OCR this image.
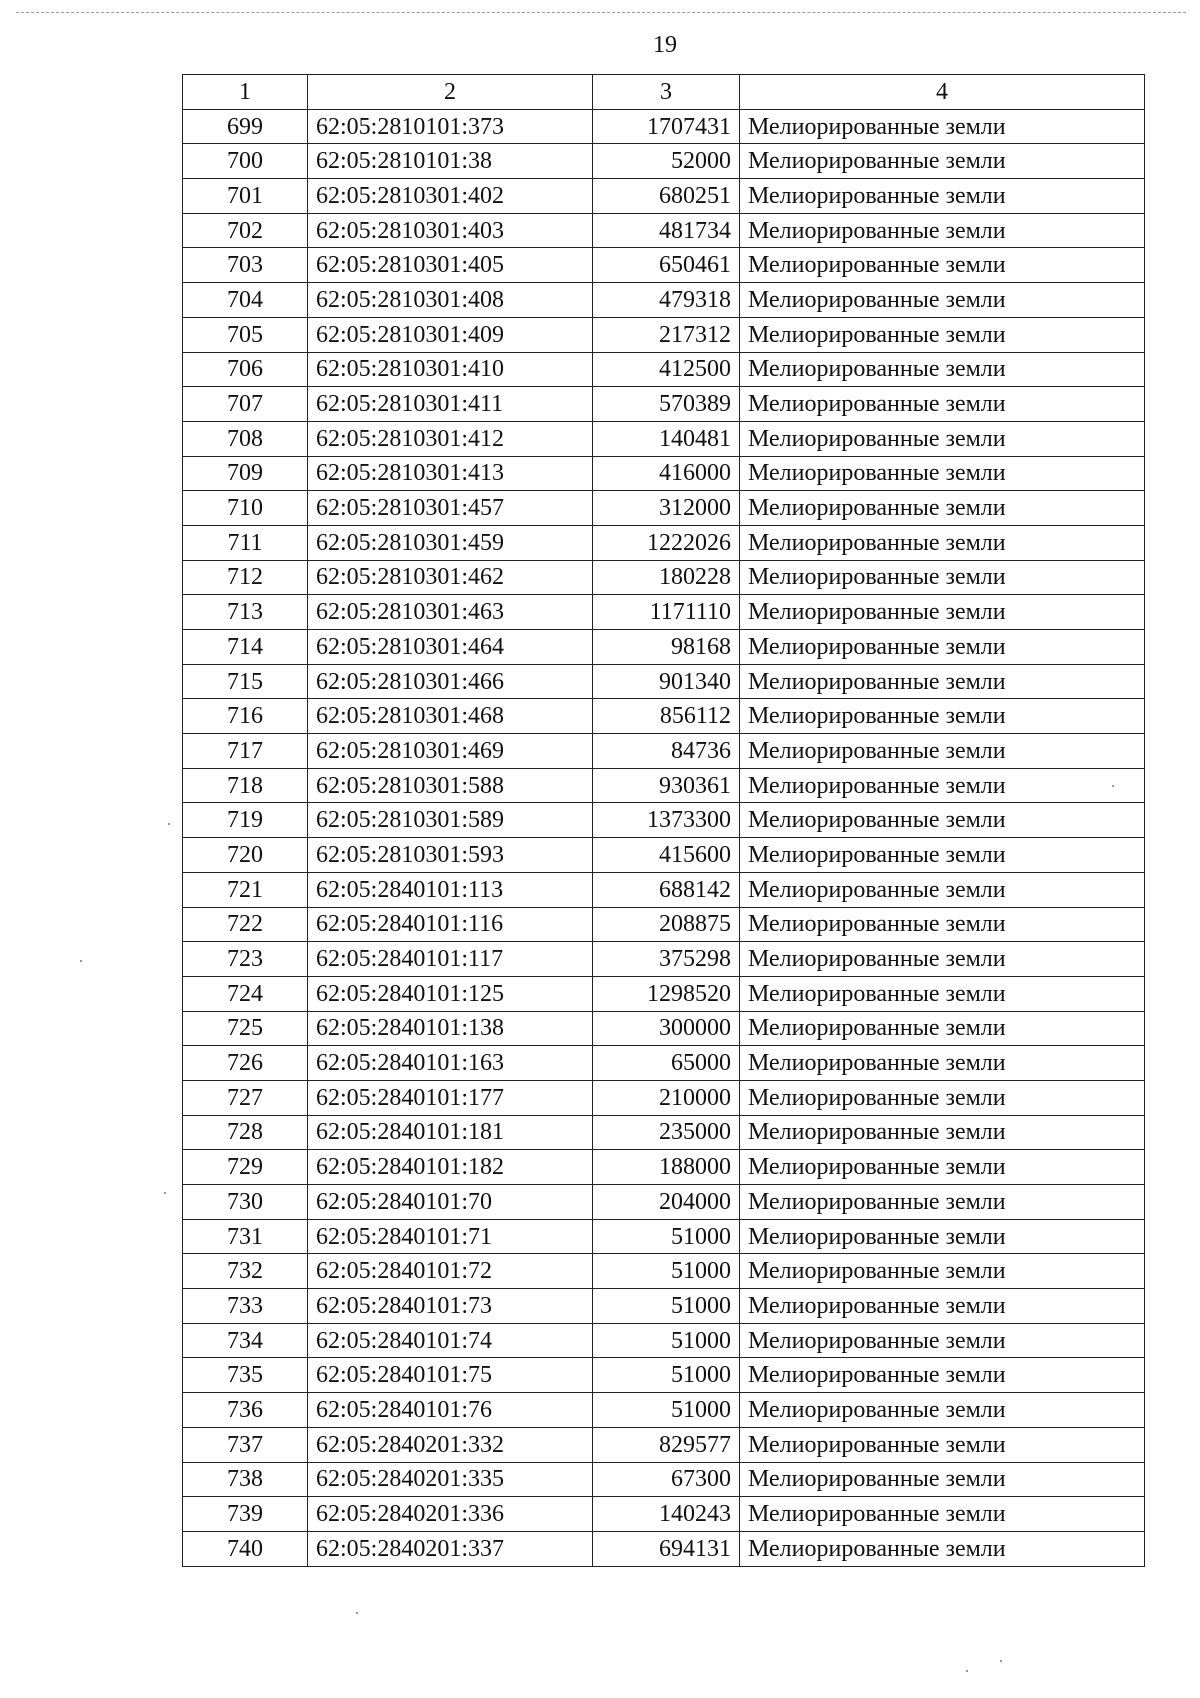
19
1	2	3	4
699	62:05:2810101:373	1707431	Мелиорированные земли
700	62:05:2810101:38	52000	Мелиорированные земли
701	62:05:2810301:402	680251	Мелиорированные земли
702	62:05:2810301:403	481734	Мелиорированные земли
703	62:05:2810301:405	650461	Мелиорированные земли
704	62:05:2810301:408	479318	Мелиорированные земли
705	62:05:2810301:409	217312	Мелиорированные земли
706	62:05:2810301:410	412500	Мелиорированные земли
707	62:05:2810301:411	570389	Мелиорированные земли
708	62:05:2810301:412	140481	Мелиорированные земли
709	62:05:2810301:413	416000	Мелиорированные земли
710	62:05:2810301:457	312000	Мелиорированные земли
711	62:05:2810301:459	1222026	Мелиорированные земли
712	62:05:2810301:462	180228	Мелиорированные земли
713	62:05:2810301:463	1171110	Мелиорированные земли
714	62:05:2810301:464	98168	Мелиорированные земли
715	62:05:2810301:466	901340	Мелиорированные земли
716	62:05:2810301:468	856112	Мелиорированные земли
717	62:05:2810301:469	84736	Мелиорированные земли
718	62:05:2810301:588	930361	Мелиорированные земли
719	62:05:2810301:589	1373300	Мелиорированные земли
720	62:05:2810301:593	415600	Мелиорированные земли
721	62:05:2840101:113	688142	Мелиорированные земли
722	62:05:2840101:116	208875	Мелиорированные земли
723	62:05:2840101:117	375298	Мелиорированные земли
724	62:05:2840101:125	1298520	Мелиорированные земли
725	62:05:2840101:138	300000	Мелиорированные земли
726	62:05:2840101:163	65000	Мелиорированные земли
727	62:05:2840101:177	210000	Мелиорированные земли
728	62:05:2840101:181	235000	Мелиорированные земли
729	62:05:2840101:182	188000	Мелиорированные земли
730	62:05:2840101:70	204000	Мелиорированные земли
731	62:05:2840101:71	51000	Мелиорированные земли
732	62:05:2840101:72	51000	Мелиорированные земли
733	62:05:2840101:73	51000	Мелиорированные земли
734	62:05:2840101:74	51000	Мелиорированные земли
735	62:05:2840101:75	51000	Мелиорированные земли
736	62:05:2840101:76	51000	Мелиорированные земли
737	62:05:2840201:332	829577	Мелиорированные земли
738	62:05:2840201:335	67300	Мелиорированные земли
739	62:05:2840201:336	140243	Мелиорированные земли
740	62:05:2840201:337	694131	Мелиорированные земли
